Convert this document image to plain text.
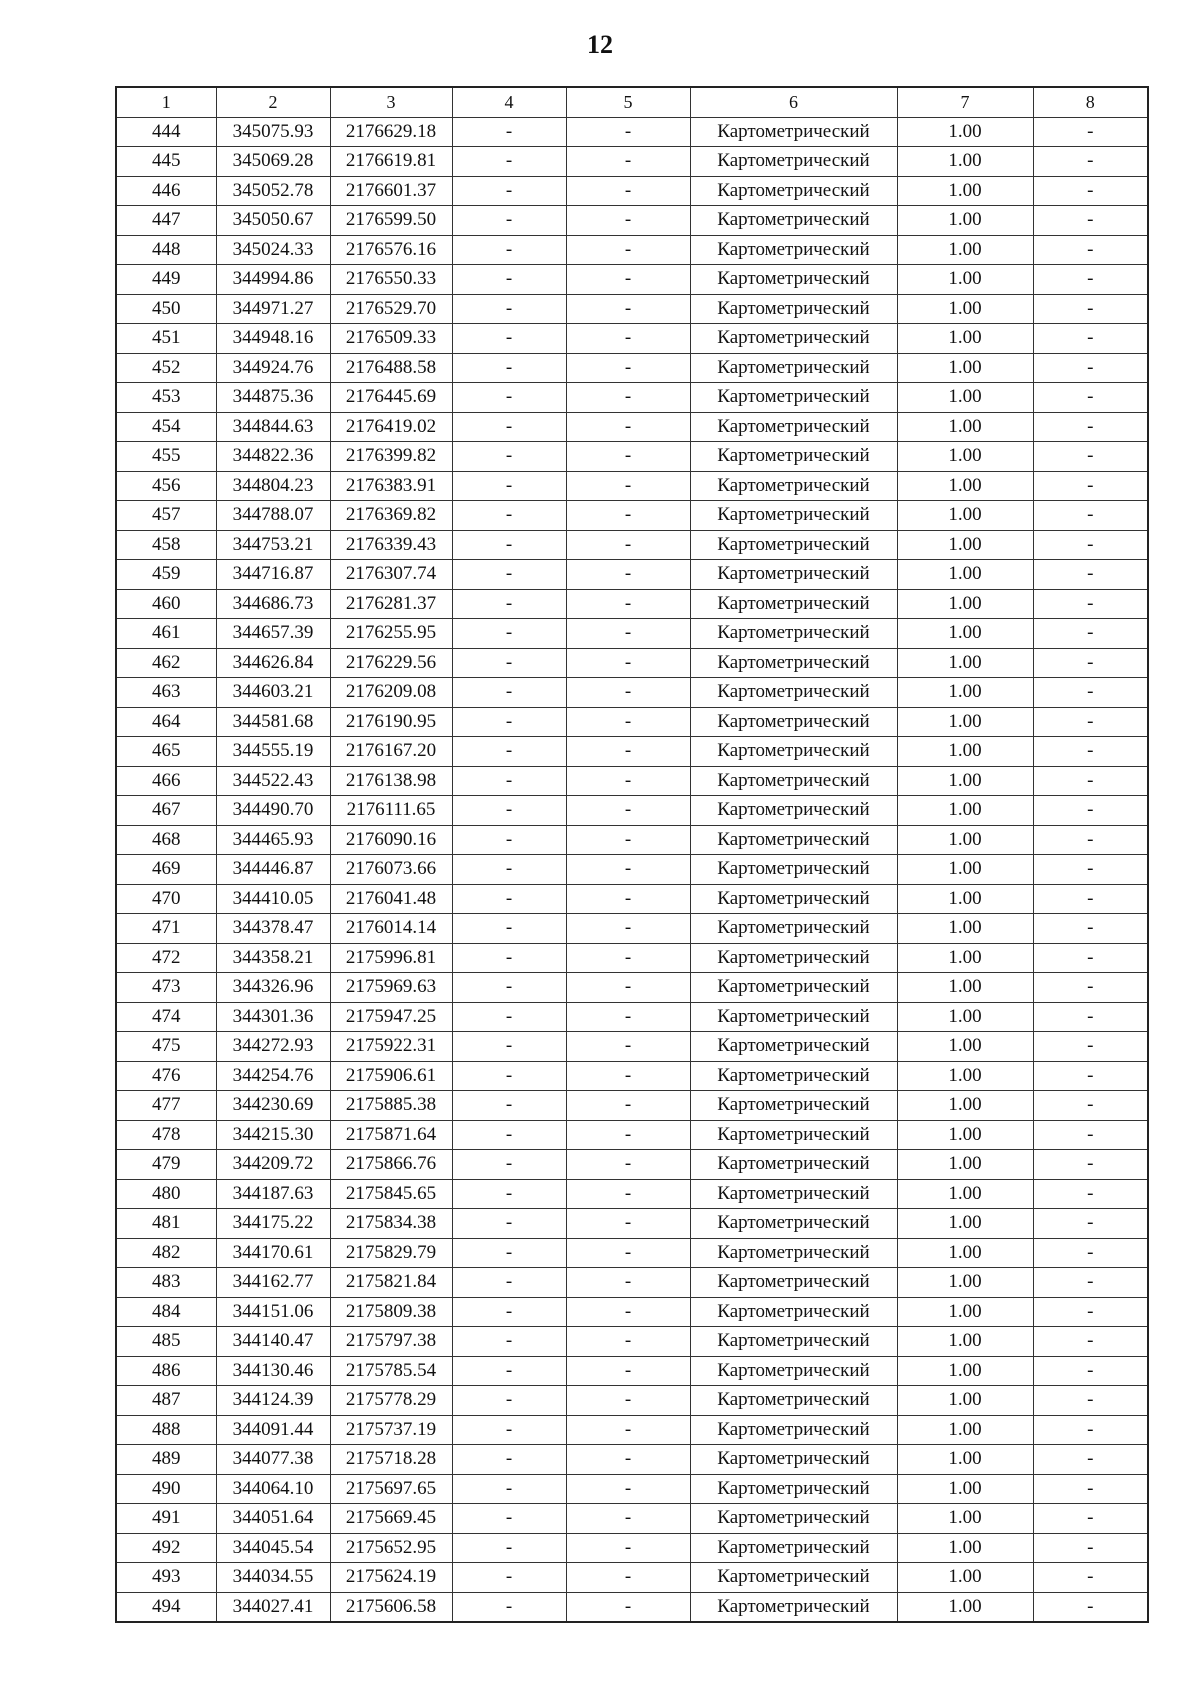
12
1	2	3	4	5	6	7	8
444	345075.93	2176629.18	-	-	Картометрический	1.00	-
445	345069.28	2176619.81	-	-	Картометрический	1.00	-
446	345052.78	2176601.37	-	-	Картометрический	1.00	-
447	345050.67	2176599.50	-	-	Картометрический	1.00	-
448	345024.33	2176576.16	-	-	Картометрический	1.00	-
449	344994.86	2176550.33	-	-	Картометрический	1.00	-
450	344971.27	2176529.70	-	-	Картометрический	1.00	-
451	344948.16	2176509.33	-	-	Картометрический	1.00	-
452	344924.76	2176488.58	-	-	Картометрический	1.00	-
453	344875.36	2176445.69	-	-	Картометрический	1.00	-
454	344844.63	2176419.02	-	-	Картометрический	1.00	-
455	344822.36	2176399.82	-	-	Картометрический	1.00	-
456	344804.23	2176383.91	-	-	Картометрический	1.00	-
457	344788.07	2176369.82	-	-	Картометрический	1.00	-
458	344753.21	2176339.43	-	-	Картометрический	1.00	-
459	344716.87	2176307.74	-	-	Картометрический	1.00	-
460	344686.73	2176281.37	-	-	Картометрический	1.00	-
461	344657.39	2176255.95	-	-	Картометрический	1.00	-
462	344626.84	2176229.56	-	-	Картометрический	1.00	-
463	344603.21	2176209.08	-	-	Картометрический	1.00	-
464	344581.68	2176190.95	-	-	Картометрический	1.00	-
465	344555.19	2176167.20	-	-	Картометрический	1.00	-
466	344522.43	2176138.98	-	-	Картометрический	1.00	-
467	344490.70	2176111.65	-	-	Картометрический	1.00	-
468	344465.93	2176090.16	-	-	Картометрический	1.00	-
469	344446.87	2176073.66	-	-	Картометрический	1.00	-
470	344410.05	2176041.48	-	-	Картометрический	1.00	-
471	344378.47	2176014.14	-	-	Картометрический	1.00	-
472	344358.21	2175996.81	-	-	Картометрический	1.00	-
473	344326.96	2175969.63	-	-	Картометрический	1.00	-
474	344301.36	2175947.25	-	-	Картометрический	1.00	-
475	344272.93	2175922.31	-	-	Картометрический	1.00	-
476	344254.76	2175906.61	-	-	Картометрический	1.00	-
477	344230.69	2175885.38	-	-	Картометрический	1.00	-
478	344215.30	2175871.64	-	-	Картометрический	1.00	-
479	344209.72	2175866.76	-	-	Картометрический	1.00	-
480	344187.63	2175845.65	-	-	Картометрический	1.00	-
481	344175.22	2175834.38	-	-	Картометрический	1.00	-
482	344170.61	2175829.79	-	-	Картометрический	1.00	-
483	344162.77	2175821.84	-	-	Картометрический	1.00	-
484	344151.06	2175809.38	-	-	Картометрический	1.00	-
485	344140.47	2175797.38	-	-	Картометрический	1.00	-
486	344130.46	2175785.54	-	-	Картометрический	1.00	-
487	344124.39	2175778.29	-	-	Картометрический	1.00	-
488	344091.44	2175737.19	-	-	Картометрический	1.00	-
489	344077.38	2175718.28	-	-	Картометрический	1.00	-
490	344064.10	2175697.65	-	-	Картометрический	1.00	-
491	344051.64	2175669.45	-	-	Картометрический	1.00	-
492	344045.54	2175652.95	-	-	Картометрический	1.00	-
493	344034.55	2175624.19	-	-	Картометрический	1.00	-
494	344027.41	2175606.58	-	-	Картометрический	1.00	-
